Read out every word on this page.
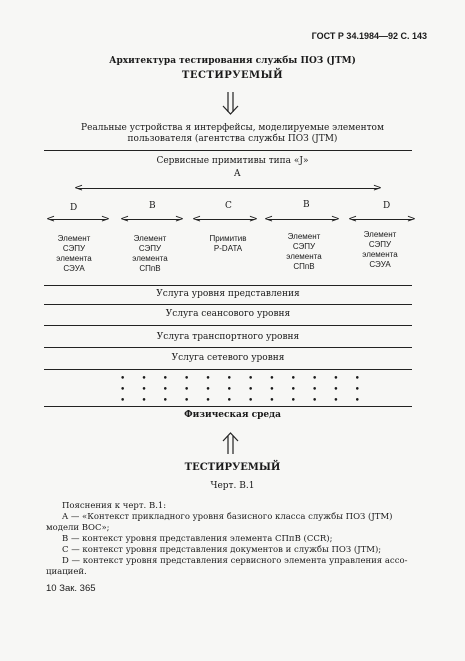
ГОСТ Р 34.1984—92 С. 143
Архитектура тестирования службы ПОЗ (JTM)
ТЕСТИРУЕМЫЙ
Реальные устройства я интерфейсы, моделируемые элементом
пользователя (агентства службы ПОЗ (JTM)
Сервисные примитивы типа «J»
A
< >
D	B	C	B	D
< >
< >
< >
< >
< >
Элемент
СЭПУ
элемента
СЭУА
Элемент
СЭПУ
элемента
СПпВ
Примитив
P-DATA
Элемент
СЭПУ
элемента
СПпВ
Элемент
СЭПУ
элемента
СЭУА
Услуга уровня представления
Услуга сеансового уровня
Услуга транспортного уровня
Услуга сетевого уровня
• • • • • • • • • • • •
• • • • • • • • • • • •
• • • • • • • • • • • •
Физическая среда
ТЕСТИРУЕМЫЙ
Черт. В.1
Пояснения к черт. В.1:
A — «Контекст прикладного уровня базисного класса службы ПОЗ (JTM)
модели ВОС»;
B — контекст уровня представления элемента СПпВ (CCR);
C — контекст уровня представления документов и службы ПОЗ (JTM);
D — контекст уровня представления сервисного элемента управления ассо-
циацией.
10 Зак. 365
